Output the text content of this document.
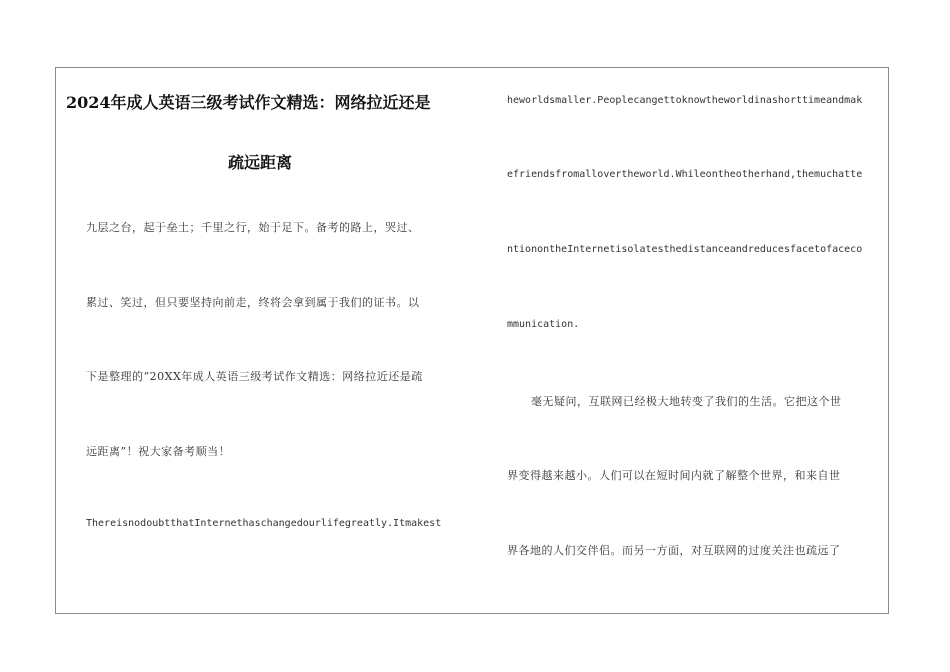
2024年成人英语三级考试作文精选：网络拉近还是
疏远距离
九层之台，起于垒土；千里之行，始于足下。备考的路上，哭过、
累过、笑过，但只要坚持向前走，终将会拿到属于我们的证书。以
下是整理的“20XX年成人英语三级考试作文精选：网络拉近还是疏
远距离”！祝大家备考顺当！
ThereisnodoubtthatInternethaschangedourlifegreatly.Itmakest
heworldsmaller.Peoplecangettoknowtheworldinashorttimeandmak
efriendsfromallovertheworld.Whileontheotherhand,themuchatte
ntionontheInternetisolatesthedistanceandreducesfacetofaceco
mmunication.
毫无疑问，互联网已经极大地转变了我们的生活。它把这个世
界变得越来越小。人们可以在短时间内就了解整个世界，和来自世
界各地的人们交伴侣。而另一方面，对互联网的过度关注也疏远了
